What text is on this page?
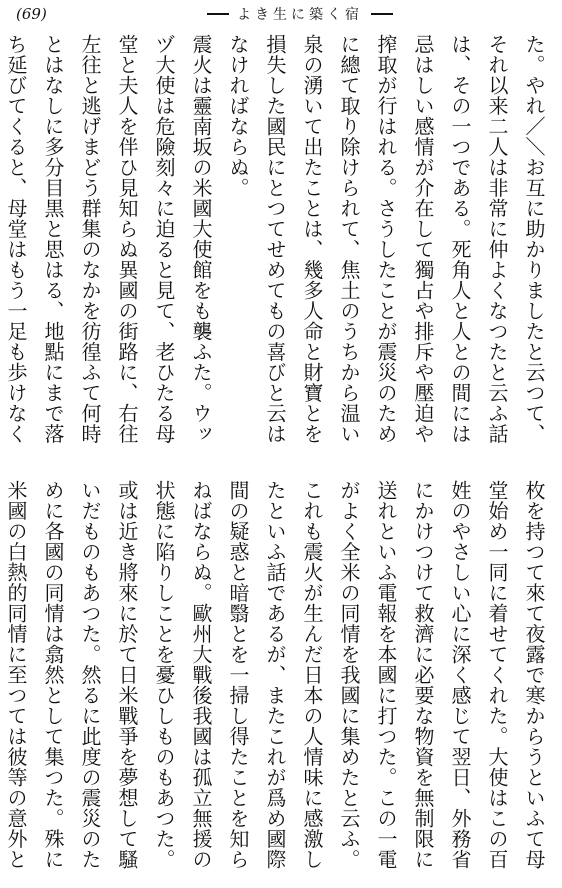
(69)	よき生に築く宿

た。やれ／＼お互に助かりましたと云つて、それ以来二人は非常に仲よくなつたと云ふ話は、その一つである。死角人と人との間には忌はしい感情が介在して獨占や排斥や壓迫や搾取が行はれる。さうしたことが震災のために總て取り除けられて、焦土のうちから温い泉の湧いて出たことは、幾多人命と財寶とを損失した國民にとつてせめてもの喜びと云はなければならぬ。

震火は靈南坂の米國大使館をも襲ふた。ウッヅ大使は危險刻々に迫ると見て、老ひたる母堂と夫人を伴ひ見知らぬ異國の街路に、右往左往と逃げまどう群集のなかを彷徨ふて何時とはなしに多分目黒と思はる、地點にまで落ち延びてくると、母堂はもう一足も歩けなく

枚を持つて來て夜露で寒からうといふて母堂始め一同に着せてくれた。大使はこの百姓のやさしい心に深く感じて翌日、外務省にかけつけて救濟に必要な物資を無制限に送れといふ電報を本國に打つた。この一電がよく全米の同情を我國に集めたと云ふ。これも震火が生んだ日本の人情味に感激したといふ話であるが、またこれが爲め國際間の疑惑と暗翳とを一掃し得たことを知らねばならぬ。歐州大戰後我國は孤立無援の状態に陷りしことを憂ひしものもあつた。或は近き將來に於て日米戰爭を夢想して騷いだものもあつた。然るに此度の震災のために各國の同情は翕然として集つた。殊に米國の白熱的同情に至つては彼等の意外と
